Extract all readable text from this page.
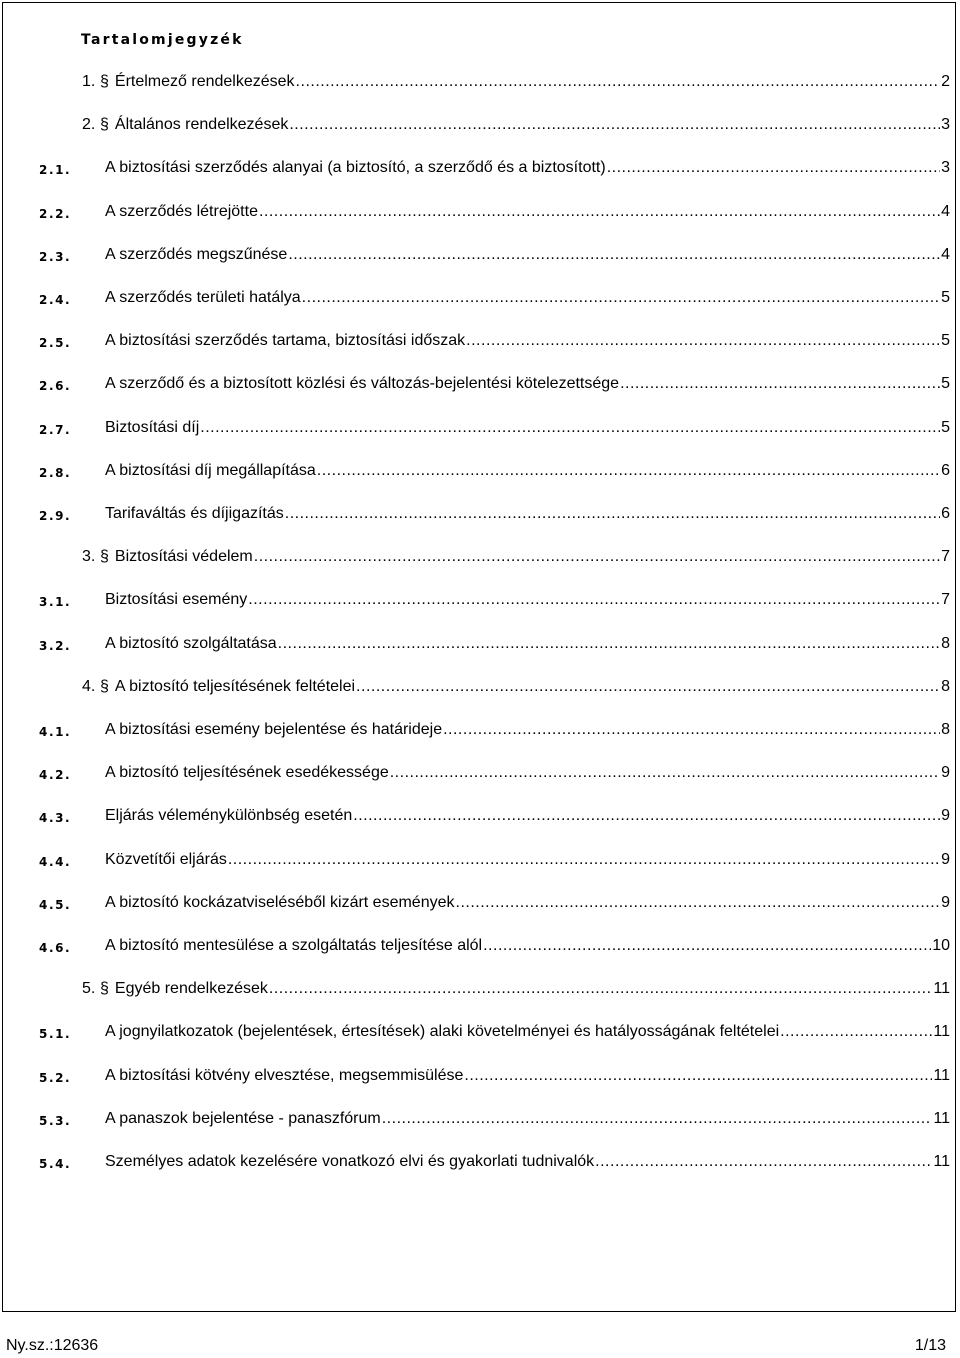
Tartalomjegyzék
1. § Értelmező rendelkezések .....	2
2. § Általános rendelkezések .....	3
2.1. A biztosítási szerződés alanyai (a biztosító, a szerződő és a biztosított) .....	3
2.2. A szerződés létrejötte .....	4
2.3. A szerződés megszűnése .....	4
2.4. A szerződés területi hatálya .....	5
2.5. A biztosítási szerződés tartama, biztosítási időszak .....	5
2.6. A szerződő és a biztosított közlési és változás-bejelentési kötelezettsége .....	5
2.7. Biztosítási díj .....	5
2.8. A biztosítási díj megállapítása .....	6
2.9. Tarifaváltás és díjigazítás .....	6
3. § Biztosítási védelem .....	7
3.1. Biztosítási esemény .....	7
3.2. A biztosító szolgáltatása .....	8
4. § A biztosító teljesítésének feltételei .....	8
4.1. A biztosítási esemény bejelentése és határideje .....	8
4.2. A biztosító teljesítésének esedékessége .....	9
4.3. Eljárás véleménykülönbség esetén .....	9
4.4. Közvetítői eljárás .....	9
4.5. A biztosító kockázatviseléséből kizárt események .....	9
4.6. A biztosító mentesülése a szolgáltatás teljesítése alól .....	10
5. § Egyéb rendelkezések .....	11
5.1. A jognyilatkozatok (bejelentések, értesítések) alaki követelményei és hatályosságának feltételei .....	11
5.2. A biztosítási kötvény elvesztése, megsemmisülése .....	11
5.3. A panaszok bejelentése - panaszfórum .....	11
5.4. Személyes adatok kezelésére vonatkozó elvi és gyakorlati tudnivalók .....	11
Ny.sz.:12636	1/13
